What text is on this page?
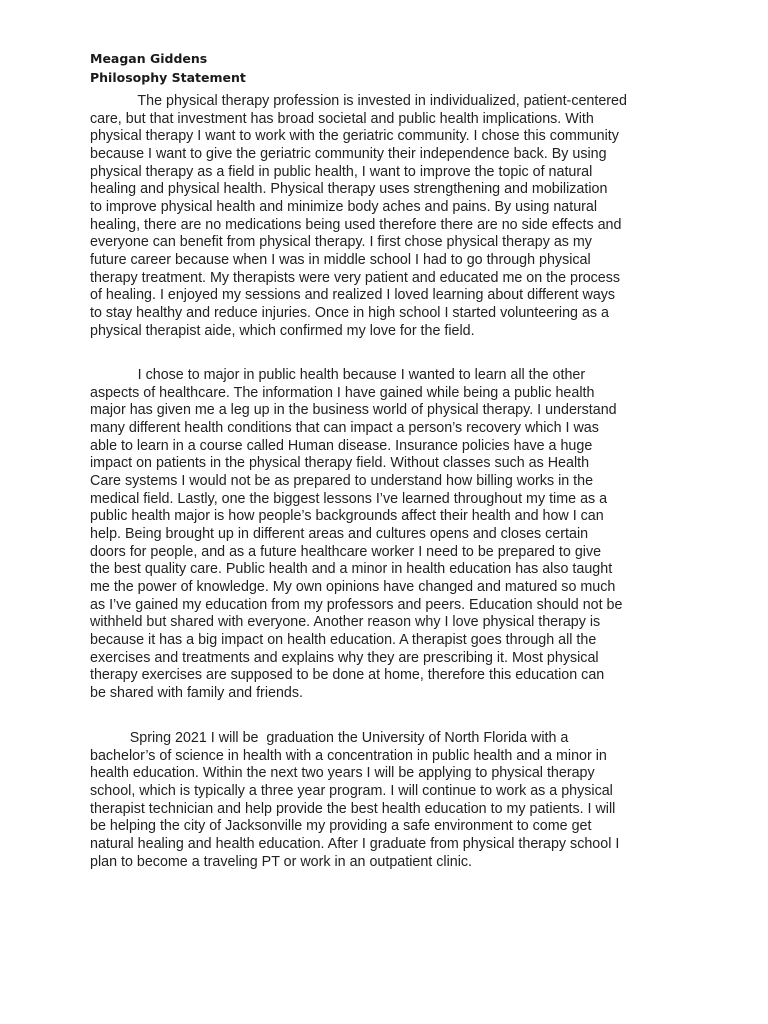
Meagan Giddens
Philosophy Statement
The physical therapy profession is invested in individualized, patient-centered
care, but that investment has broad societal and public health implications. With
physical therapy I want to work with the geriatric community. I chose this community
because I want to give the geriatric community their independence back. By using
physical therapy as a field in public health, I want to improve the topic of natural
healing and physical health. Physical therapy uses strengthening and mobilization
to improve physical health and minimize body aches and pains. By using natural
healing, there are no medications being used therefore there are no side effects and
everyone can benefit from physical therapy. I first chose physical therapy as my
future career because when I was in middle school I had to go through physical
therapy treatment. My therapists were very patient and educated me on the process
of healing. I enjoyed my sessions and realized I loved learning about different ways
to stay healthy and reduce injuries. Once in high school I started volunteering as a
physical therapist aide, which confirmed my love for the field.
I chose to major in public health because I wanted to learn all the other
aspects of healthcare. The information I have gained while being a public health
major has given me a leg up in the business world of physical therapy. I understand
many different health conditions that can impact a person’s recovery which I was
able to learn in a course called Human disease. Insurance policies have a huge
impact on patients in the physical therapy field. Without classes such as Health
Care systems I would not be as prepared to understand how billing works in the
medical field. Lastly, one the biggest lessons I’ve learned throughout my time as a
public health major is how people’s backgrounds affect their health and how I can
help. Being brought up in different areas and cultures opens and closes certain
doors for people, and as a future healthcare worker I need to be prepared to give
the best quality care. Public health and a minor in health education has also taught
me the power of knowledge. My own opinions have changed and matured so much
as I’ve gained my education from my professors and peers. Education should not be
withheld but shared with everyone. Another reason why I love physical therapy is
because it has a big impact on health education. A therapist goes through all the
exercises and treatments and explains why they are prescribing it. Most physical
therapy exercises are supposed to be done at home, therefore this education can
be shared with family and friends.
Spring 2021 I will be  graduation the University of North Florida with a
bachelor’s of science in health with a concentration in public health and a minor in
health education. Within the next two years I will be applying to physical therapy
school, which is typically a three year program. I will continue to work as a physical
therapist technician and help provide the best health education to my patients. I will
be helping the city of Jacksonville my providing a safe environment to come get
natural healing and health education. After I graduate from physical therapy school I
plan to become a traveling PT or work in an outpatient clinic.
